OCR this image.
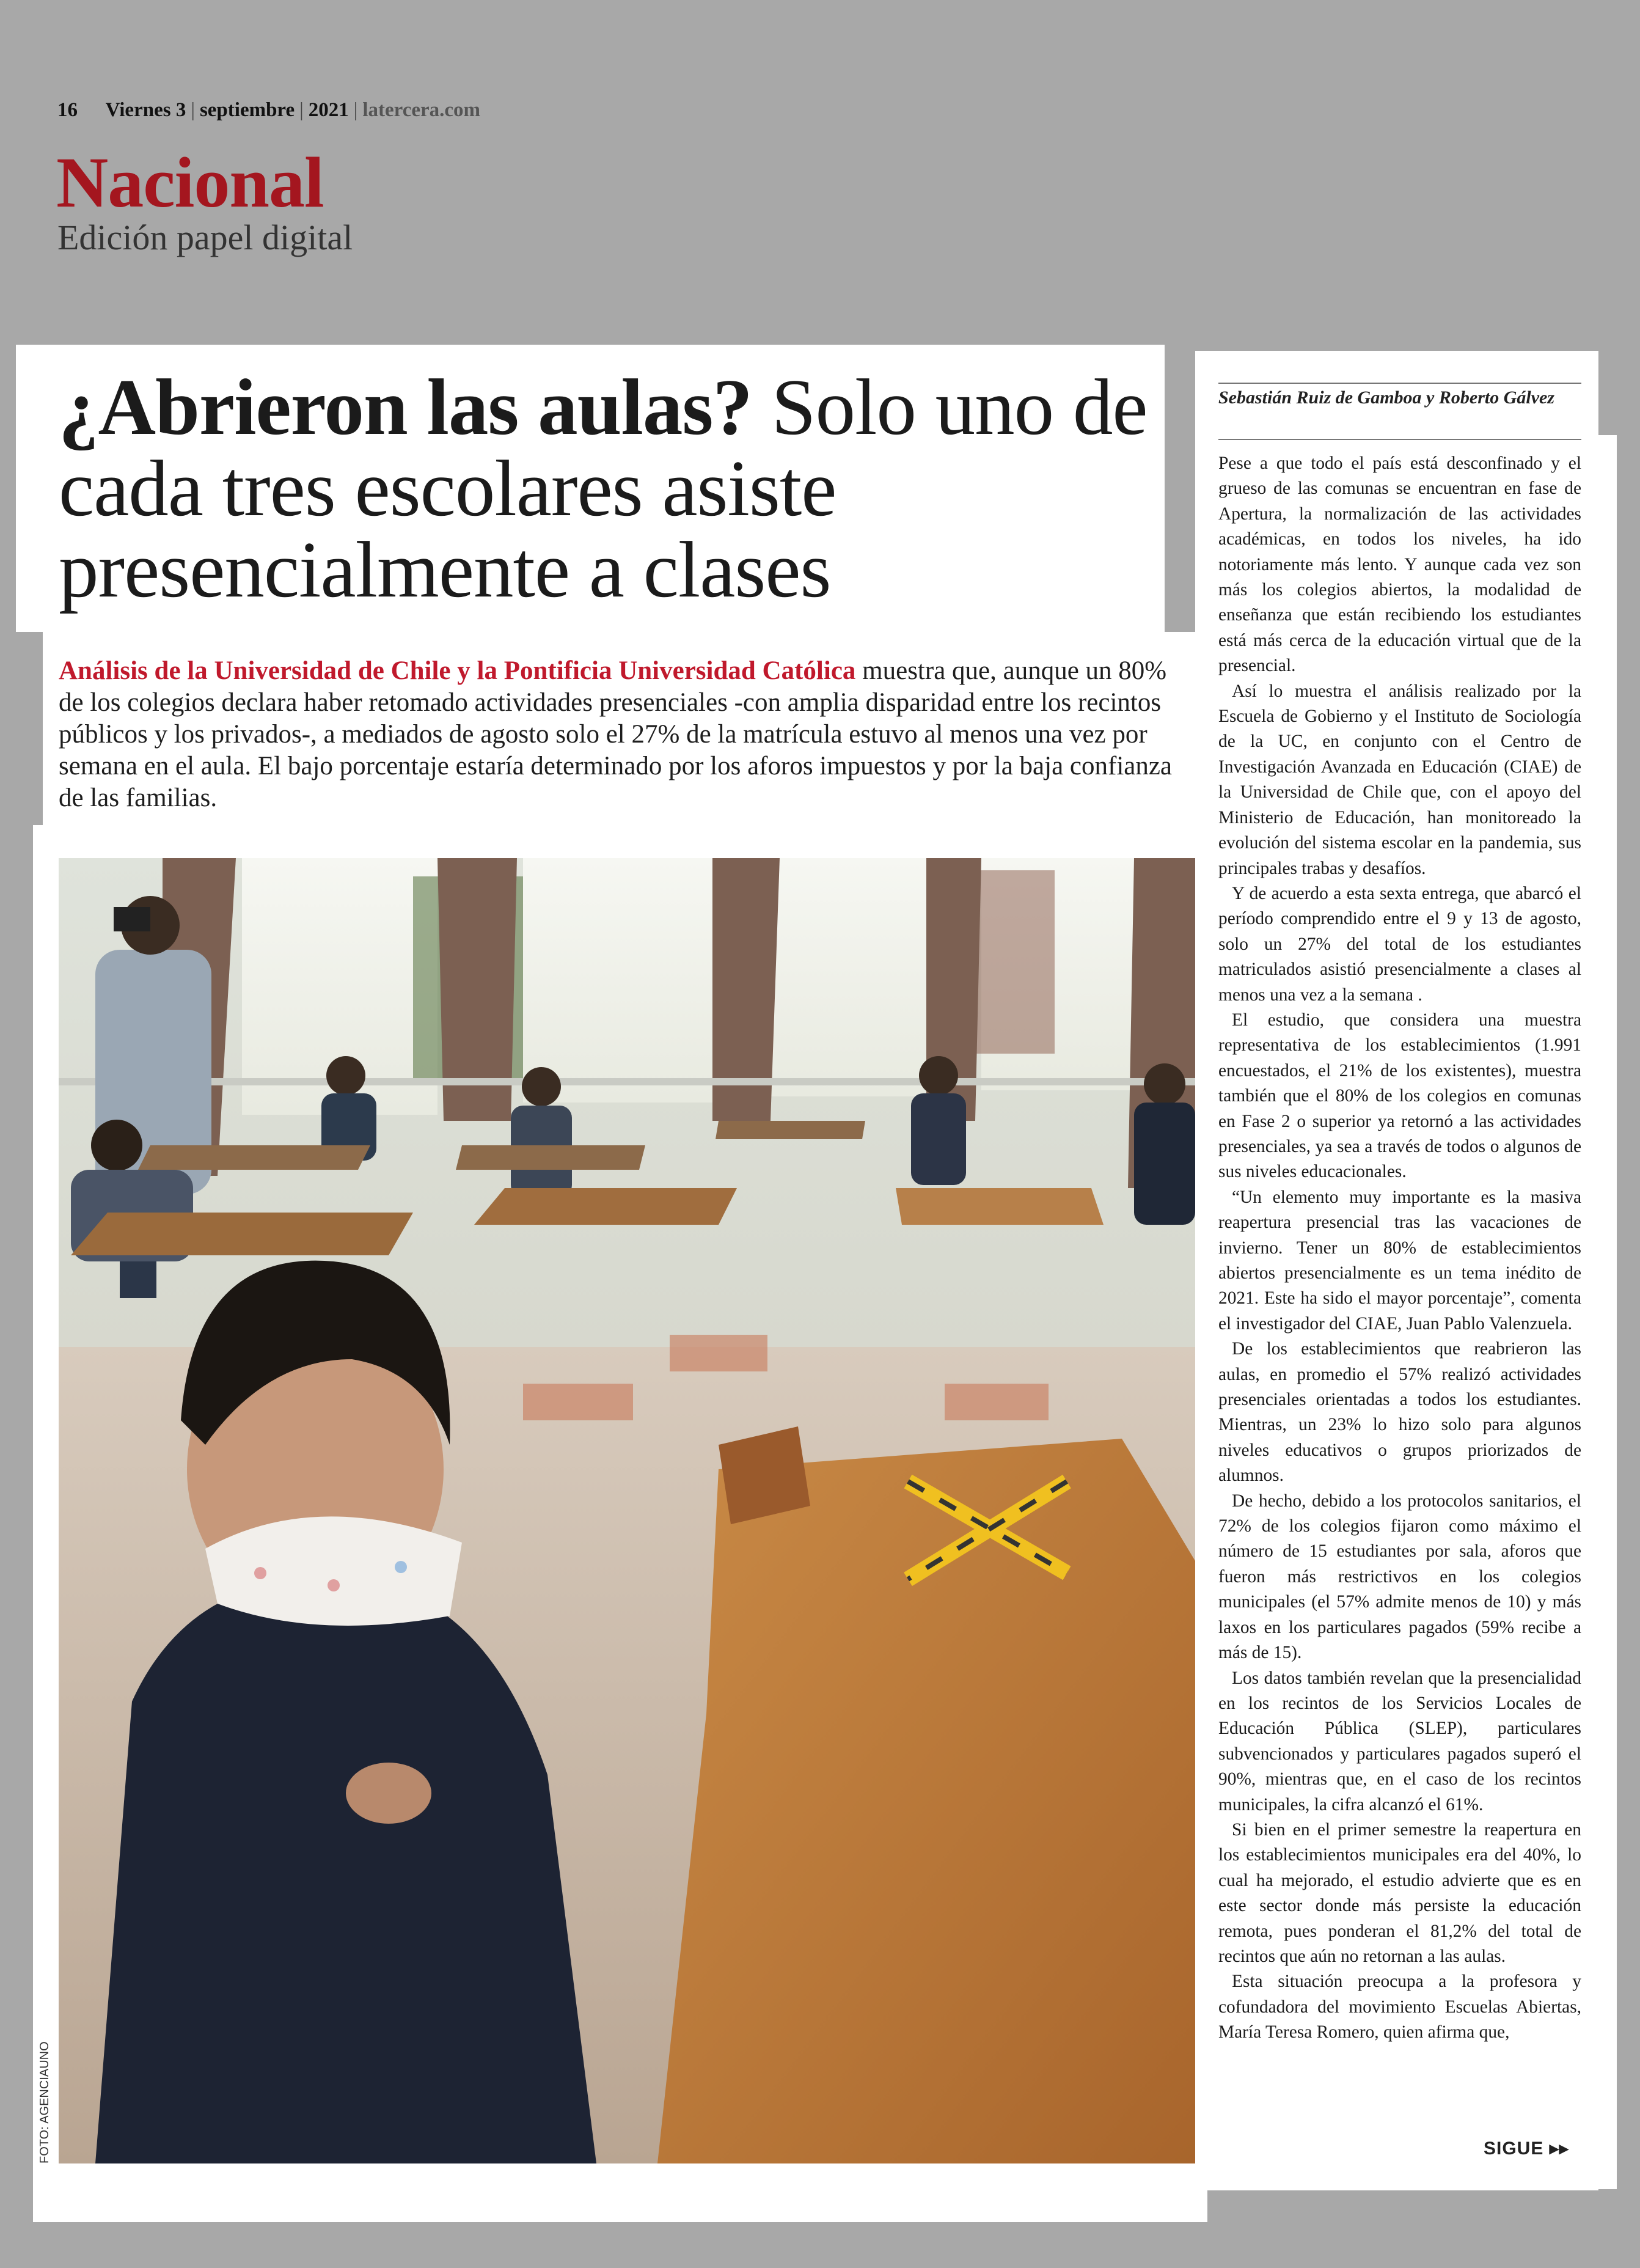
16 Viernes 3 | septiembre | 2021 | latercera.com
Nacional
Edición papel digital
¿Abrieron las aulas? Solo uno de cada tres escolares asiste presencialmente a clases
Análisis de la Universidad de Chile y la Pontificia Universidad Católica muestra que, aunque un 80% de los colegios declara haber retomado actividades presenciales -con amplia disparidad entre los recintos públicos y los privados-, a mediados de agosto solo el 27% de la matrícula estuvo al menos una vez por semana en el aula. El bajo porcentaje estaría determinado por los aforos impuestos y por la baja confianza de las familias.
FOTO: AGENCIAUNO
Sebastián Ruiz de Gamboa y Roberto Gálvez

Pese a que todo el país está desconfinado y el grueso de las comunas se encuentran en fase de Apertura, la normalización de las actividades académicas, en todos los niveles, ha ido notoriamente más lento. Y aunque cada vez son más los colegios abiertos, la modalidad de enseñanza que están recibiendo los estudiantes está más cerca de la educación virtual que de la presencial.

Así lo muestra el análisis realizado por la Escuela de Gobierno y el Instituto de Sociología de la UC, en conjunto con el Centro de Investigación Avanzada en Educación (CIAE) de la Universidad de Chile que, con el apoyo del Ministerio de Educación, han monitoreado la evolución del sistema escolar en la pandemia, sus principales trabas y desafíos.

Y de acuerdo a esta sexta entrega, que abarcó el período comprendido entre el 9 y 13 de agosto, solo un 27% del total de los estudiantes matriculados asistió presencialmente a clases al menos una vez a la semana .

El estudio, que considera una muestra representativa de los establecimientos (1.991 encuestados, el 21% de los existentes), muestra también que el 80% de los colegios en comunas en Fase 2 o superior ya retornó a las actividades presenciales, ya sea a través de todos o algunos de sus niveles educacionales.

“Un elemento muy importante es la masiva reapertura presencial tras las vacaciones de invierno. Tener un 80% de establecimientos abiertos presencialmente es un tema inédito de 2021. Este ha sido el mayor porcentaje”, comenta el investigador del CIAE, Juan Pablo Valenzuela.

De los establecimientos que reabrieron las aulas, en promedio el 57% realizó actividades presenciales orientadas a todos los estudiantes. Mientras, un 23% lo hizo solo para algunos niveles educativos o grupos priorizados de alumnos.

De hecho, debido a los protocolos sanitarios, el 72% de los colegios fijaron como máximo el número de 15 estudiantes por sala, aforos que fueron más restrictivos en los colegios municipales (el 57% admite menos de 10) y más laxos en los particulares pagados (59% recibe a más de 15).

Los datos también revelan que la presencialidad en los recintos de los Servicios Locales de Educación Pública (SLEP), particulares subvencionados y particulares pagados superó el 90%, mientras que, en el caso de los recintos municipales, la cifra alcanzó el 61%.

Si bien en el primer semestre la reapertura en los establecimientos municipales era del 40%, lo cual ha mejorado, el estudio advierte que es en este sector donde más persiste la educación remota, pues ponderan el 81,2% del total de recintos que aún no retornan a las aulas.

Esta situación preocupa a la profesora y cofundadora del movimiento Escuelas Abiertas, María Teresa Romero, quien afirma que,

SIGUE ▸▸
